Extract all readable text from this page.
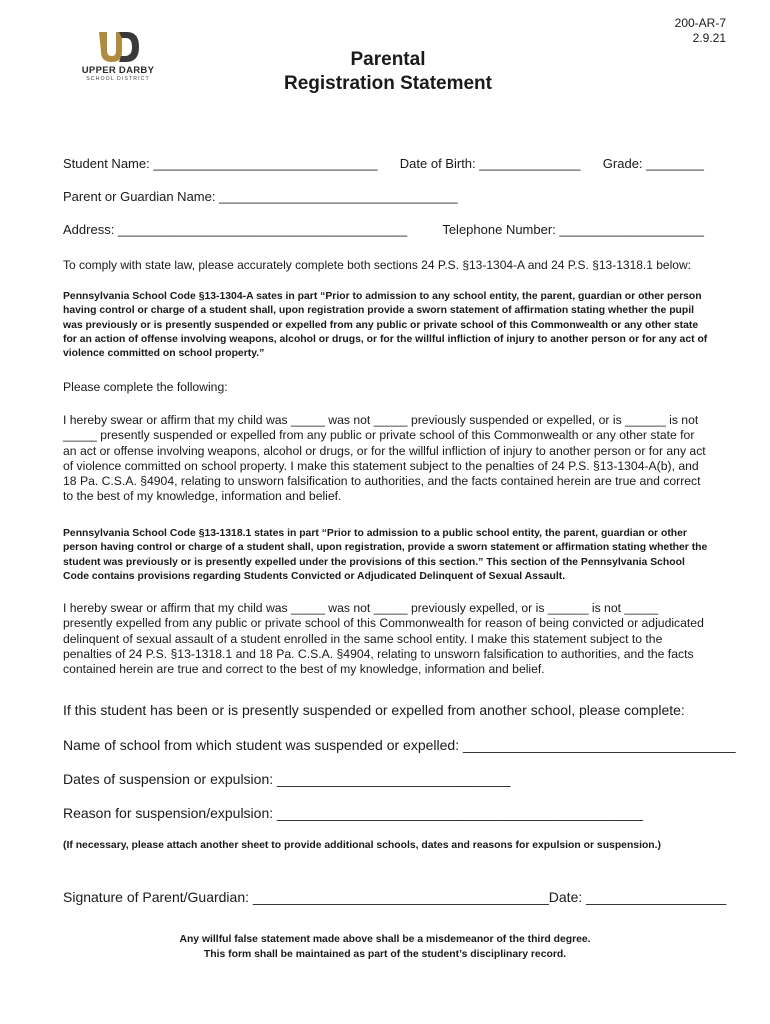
UPPER DARBY
SCHOOL DISTRICT
200-AR-7
2.9.21
Parental
Registration Statement
Student Name: _______________________________ Date of Birth: ______________ Grade: ________
Parent or Guardian Name: _________________________________
Address: ________________________________________	Telephone Number: ____________________
To comply with state law, please accurately complete both sections 24 P.S. §13-1304-A and 24 P.S. §13-1318.1 below:
Pennsylvania School Code §13-1304-A sates in part “Prior to admission to any school entity, the parent, guardian or other person having control or charge of a student shall, upon registration provide a sworn statement of affirmation stating whether the pupil was previously or is presently suspended or expelled from any public or private school of this Commonwealth or any other state for an action of offense involving weapons, alcohol or drugs, or for the willful infliction of injury to another person or for any act of violence committed on school property.”
Please complete the following:
I hereby swear or affirm that my child was _____ was not _____ previously suspended or expelled, or is ______ is not _____ presently suspended or expelled from any public or private school of this Commonwealth or any other state for an act or offense involving weapons, alcohol or drugs, or for the willful infliction of injury to another person or for any act of violence committed on school property. I make this statement subject to the penalties of 24 P.S. §13-1304-A(b), and 18 Pa. C.S.A. §4904, relating to unsworn falsification to authorities, and the facts contained herein are true and correct to the best of my knowledge, information and belief.
Pennsylvania School Code §13-1318.1 states in part “Prior to admission to a public school entity, the parent, guardian or other person having control or charge of a student shall, upon registration, provide a sworn statement or affirmation stating whether the student was previously or is presently expelled under the provisions of this section.” This section of the Pennsylvania School Code contains provisions regarding Students Convicted or Adjudicated Delinquent of Sexual Assault.
I hereby swear or affirm that my child was _____ was not _____ previously expelled, or is ______ is not _____ presently expelled from any public or private school of this Commonwealth for reason of being convicted or adjudicated delinquent of sexual assault of a student enrolled in the same school entity. I make this statement subject to the penalties of 24 P.S. §13-1318.1 and 18 Pa. C.S.A. §4904, relating to unsworn falsification to authorities, and the facts contained herein are true and correct to the best of my knowledge, information and belief.
If this student has been or is presently suspended or expelled from another school, please complete:
Name of school from which student was suspended or expelled: ___________________________________
Dates of suspension or expulsion: ______________________________
Reason for suspension/expulsion: _______________________________________________
(If necessary, please attach another sheet to provide additional schools, dates and reasons for expulsion or suspension.)
Signature of Parent/Guardian: ______________________________________ Date: __________________
Any willful false statement made above shall be a misdemeanor of the third degree.
This form shall be maintained as part of the student’s disciplinary record.
